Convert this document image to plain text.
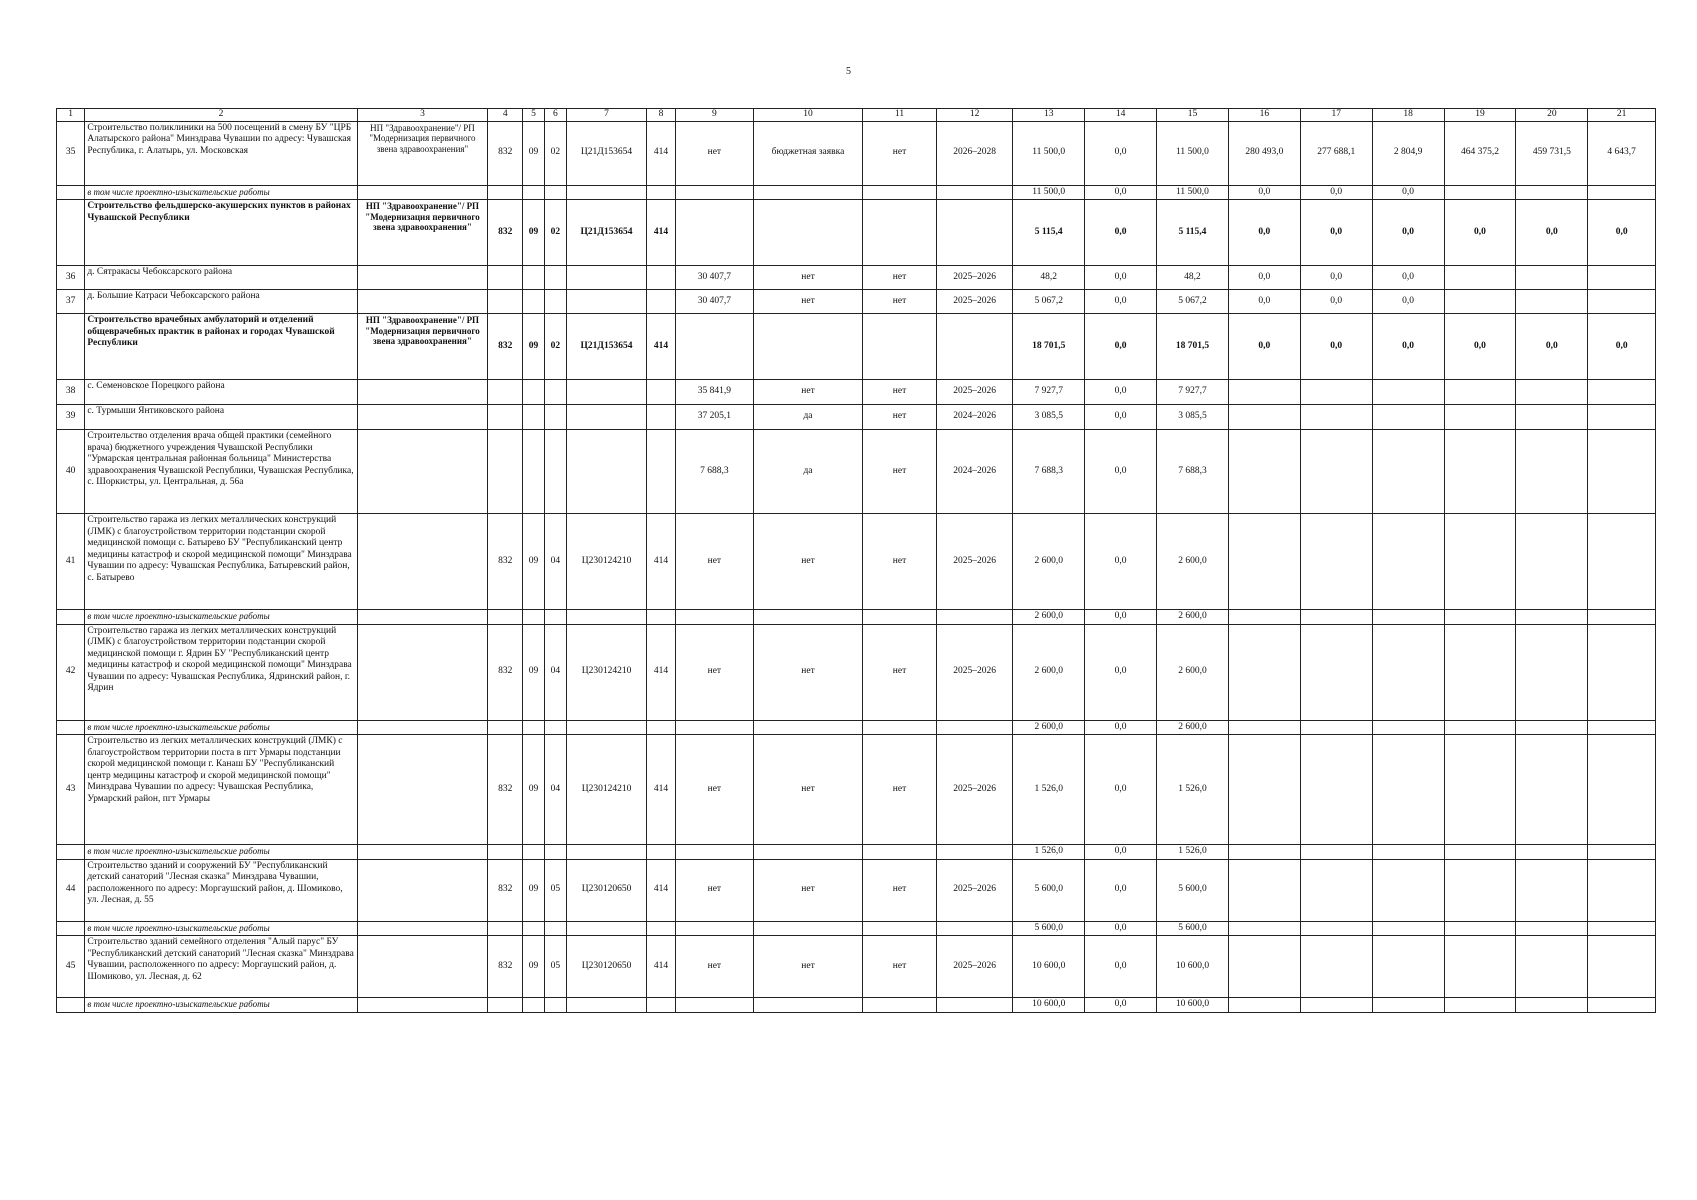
5
1	2	3	4	5	6	7	8	9	10	11	12	13	14	15	16	17	18	19	20	21
35	Строительство поликлиники на 500 посещений в смену БУ "ЦРБ Алатырского района" Минздрава Чувашии по адресу: Чувашская Республика, г. Алатырь, ул. Московская	НП "Здравоохранение"/ РП "Модернизация первичного звена здравоохранения"	832	09	02	Ц21Д153654	414	нет	бюджетная заявка	нет	2026–2028	11 500,0	0,0	11 500,0	280 493,0	277 688,1	2 804,9	464 375,2	459 731,5	4 643,7
	в том числе проектно-изыскательские работы											11 500,0	0,0	11 500,0	0,0	0,0	0,0			
	Строительство фельдшерско-акушерских пунктов в районах Чувашской Республики	НП "Здравоохранение"/ РП "Модернизация первичного звена здравоохранения"	832	09	02	Ц21Д153654	414					5 115,4	0,0	5 115,4	0,0	0,0	0,0	0,0	0,0	0,0
36	д. Сятракасы Чебоксарского района							30 407,7	нет	нет	2025–2026	48,2	0,0	48,2	0,0	0,0	0,0			
37	д. Большие Катраси Чебоксарского района							30 407,7	нет	нет	2025–2026	5 067,2	0,0	5 067,2	0,0	0,0	0,0			
	Строительство врачебных амбулаторий и отделений общеврачебных практик в районах и городах Чувашской Республики	НП "Здравоохранение"/ РП "Модернизация первичного звена здравоохранения"	832	09	02	Ц21Д153654	414					18 701,5	0,0	18 701,5	0,0	0,0	0,0	0,0	0,0	0,0
38	с. Семеновское Порецкого района							35 841,9	нет	нет	2025–2026	7 927,7	0,0	7 927,7						
39	с. Турмыши Янтиковского района							37 205,1	да	нет	2024–2026	3 085,5	0,0	3 085,5						
40	Строительство отделения врача общей практики (семейного врача) бюджетного учреждения Чувашской Республики "Урмарская центральная районная больница" Министерства здравоохранения Чувашской Республики, Чувашская Республика, с. Шоркистры, ул. Центральная, д. 56а							7 688,3	да	нет	2024–2026	7 688,3	0,0	7 688,3						
41	Строительство гаража из легких металлических конструкций (ЛМК) с благоустройством территории подстанции скорой медицинской помощи с. Батырево БУ "Республиканский центр медицины катастроф и скорой медицинской помощи" Минздрава Чувашии по адресу: Чувашская Республика, Батыревский район, с. Батырево		832	09	04	Ц230124210	414	нет	нет	нет	2025–2026	2 600,0	0,0	2 600,0						
	в том числе проектно-изыскательские работы											2 600,0	0,0	2 600,0						
42	Строительство гаража из легких металлических конструкций (ЛМК) с благоустройством территории подстанции скорой медицинской помощи г. Ядрин БУ "Республиканский центр медицины катастроф и скорой медицинской помощи" Минздрава Чувашии по адресу: Чувашская Республика, Ядринский район, г. Ядрин		832	09	04	Ц230124210	414	нет	нет	нет	2025–2026	2 600,0	0,0	2 600,0						
	в том числе проектно-изыскательские работы											2 600,0	0,0	2 600,0						
43	Строительство из легких металлических конструкций (ЛМК) с благоустройством территории поста в пгт Урмары подстанции скорой медицинской помощи г. Канаш БУ "Республиканский центр медицины катастроф и скорой медицинской помощи" Минздрава Чувашии по адресу: Чувашская Республика, Урмарский район, пгт Урмары		832	09	04	Ц230124210	414	нет	нет	нет	2025–2026	1 526,0	0,0	1 526,0						
	в том числе проектно-изыскательские работы											1 526,0	0,0	1 526,0						
44	Строительство зданий и сооружений БУ "Республиканский детский санаторий "Лесная сказка" Минздрава Чувашии, расположенного по адресу: Моргаушский район, д. Шомиково, ул. Лесная, д. 55		832	09	05	Ц230120650	414	нет	нет	нет	2025–2026	5 600,0	0,0	5 600,0						
	в том числе проектно-изыскательские работы											5 600,0	0,0	5 600,0						
45	Строительство зданий семейного отделения "Алый парус" БУ "Республиканский детский санаторий "Лесная сказка" Минздрава Чувашии, расположенного по адресу: Моргаушский район, д. Шомиково, ул. Лесная, д. 62		832	09	05	Ц230120650	414	нет	нет	нет	2025–2026	10 600,0	0,0	10 600,0						
	в том числе проектно-изыскательские работы											10 600,0	0,0	10 600,0						
